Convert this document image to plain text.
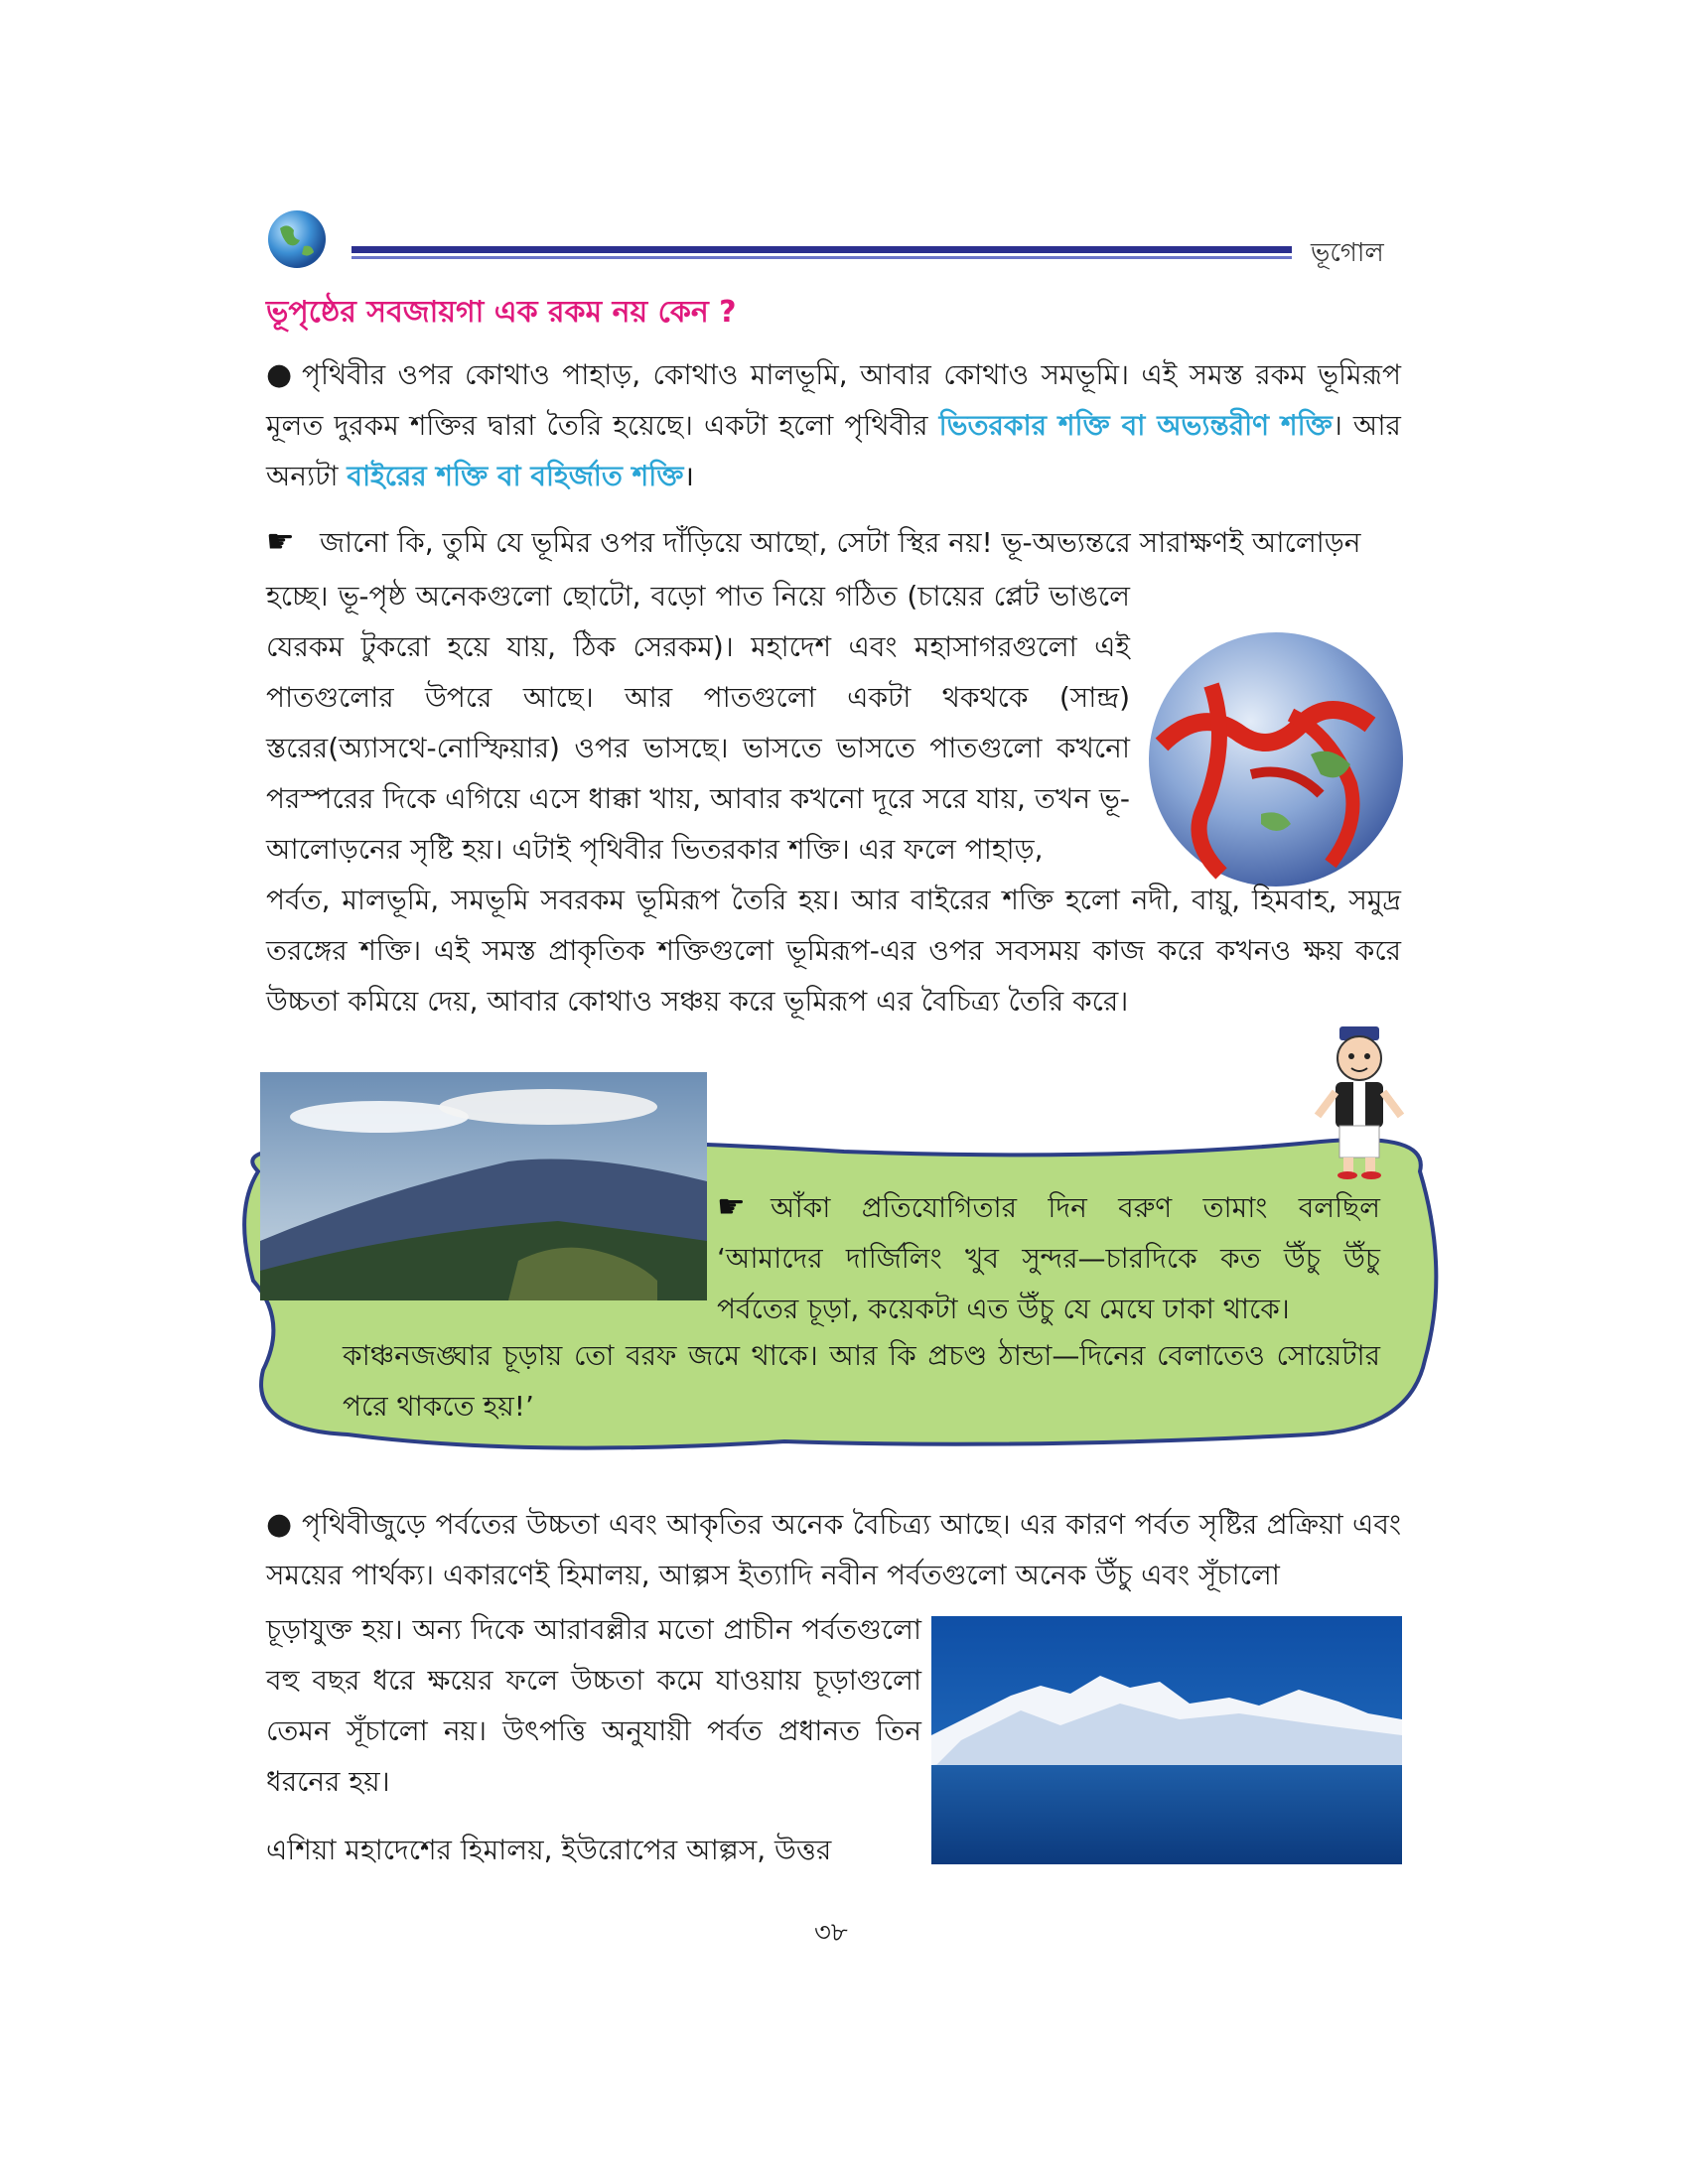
ভূগোল
ভূপৃষ্ঠের সবজায়গা এক রকম নয় কেন ?

● পৃথিবীর ওপর কোথাও পাহাড়, কোথাও মালভূমি, আবার কোথাও সমভূমি। এই সমস্ত রকম ভূমিরূপ মূলত দুরকম শক্তির দ্বারা তৈরি হয়েছে। একটা হলো পৃথিবীর ভিতরকার শক্তি বা অভ্যন্তরীণ শক্তি। আর অন্যটা বাইরের শক্তি বা বহির্জাত শক্তি।

☛ জানো কি, তুমি যে ভূমির ওপর দাঁড়িয়ে আছো, সেটা স্থির নয়! ভূ-অভ্যন্তরে সারাক্ষণই আলোড়ন

হচ্ছে। ভূ-পৃষ্ঠ অনেকগুলো ছোটো, বড়ো পাত নিয়ে গঠিত (চায়ের প্লেট ভাঙলে যেরকম টুকরো হয়ে যায়, ঠিক সেরকম)। মহাদেশ এবং মহাসাগরগুলো এই পাতগুলোর উপরে আছে। আর পাতগুলো একটা থকথকে (সান্দ্র) স্তরের(অ্যাসথে-নোস্ফিয়ার) ওপর ভাসছে। ভাসতে ভাসতে পাতগুলো কখনো পরস্পরের দিকে এগিয়ে এসে ধাক্কা খায়, আবার কখনো দূরে সরে যায়, তখন ভূ-আলোড়নের সৃষ্টি হয়। এটাই পৃথিবীর ভিতরকার শক্তি। এর ফলে পাহাড়,

পর্বত, মালভূমি, সমভূমি সবরকম ভূমিরূপ তৈরি হয়। আর বাইরের শক্তি হলো নদী, বায়ু, হিমবাহ, সমুদ্র তরঙ্গের শক্তি। এই সমস্ত প্রাকৃতিক শক্তিগুলো ভূমিরূপ-এর ওপর সবসময় কাজ করে কখনও ক্ষয় করে উচ্চতা কমিয়ে দেয়, আবার কোথাও সঞ্চয় করে ভূমিরূপ এর বৈচিত্র্য তৈরি করে।

☛ আঁকা প্রতিযোগিতার দিন বরুণ তামাং বলছিল ‘আমাদের দার্জিলিং খুব সুন্দর—চারদিকে কত উঁচু উঁচু পর্বতের চূড়া, কয়েকটা এত উঁচু যে মেঘে ঢাকা থাকে।

কাঞ্চনজঙ্ঘার চূড়ায় তো বরফ জমে থাকে। আর কি প্রচণ্ড ঠান্ডা—দিনের বেলাতেও সোয়েটার পরে থাকতে হয়!’

● পৃথিবীজুড়ে পর্বতের উচ্চতা এবং আকৃতির অনেক বৈচিত্র্য আছে। এর কারণ পর্বত সৃষ্টির প্রক্রিয়া এবং সময়ের পার্থক্য। একারণেই হিমালয়, আল্পস ইত্যাদি নবীন পর্বতগুলো অনেক উঁচু এবং সূঁচালো

চূড়াযুক্ত হয়। অন্য দিকে আরাবল্লীর মতো প্রাচীন পর্বতগুলো বহু বছর ধরে ক্ষয়ের ফলে উচ্চতা কমে যাওয়ায় চূড়াগুলো তেমন সূঁচালো নয়। উৎপত্তি অনুযায়ী পর্বত প্রধানত তিন ধরনের হয়।

এশিয়া মহাদেশের হিমালয়, ইউরোপের আল্পস, উত্তর

৩৮
